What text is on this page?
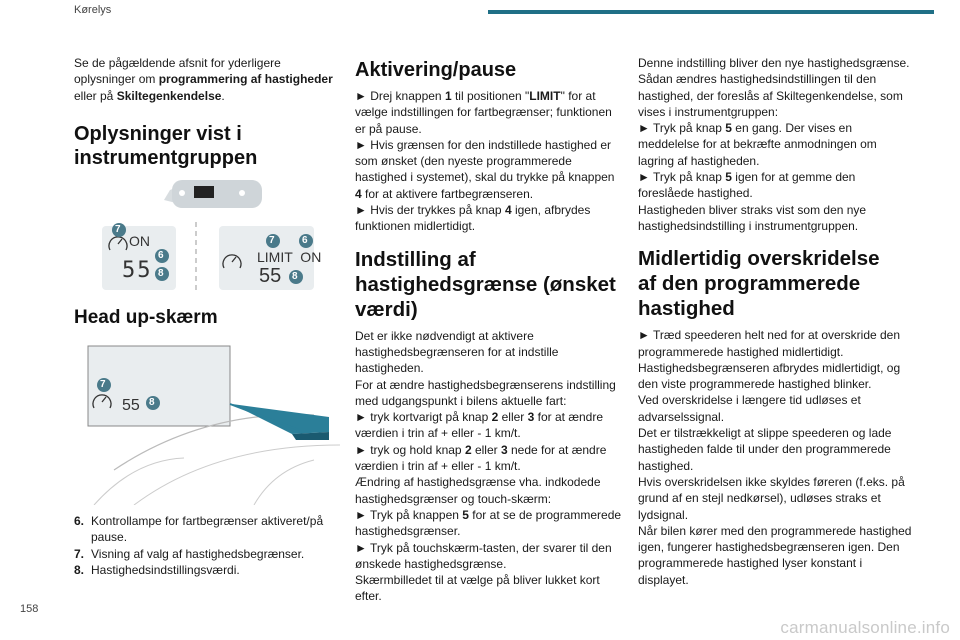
Kørelys

Se de pågældende afsnit for yderligere oplysninger om programmering af hastigheder eller på Skiltegenkendelse.

Oplysninger vist i instrumentgruppen
7
ON
6
55 8
7	6
LIMIT  ON
55 8
Head up-skærm
7
55 8
6. Kontrollampe for fartbegrænser aktiveret/på pause.
7. Visning af valg af hastighedsbegrænser.
8. Hastighedsindstillingsværdi.
Aktivering/pause

► Drej knappen 1 til positionen "LIMIT" for at vælge indstillingen for fartbegrænser; funktionen er på pause.

► Hvis grænsen for den indstillede hastighed er som ønsket (den nyeste programmerede hastighed i systemet), skal du trykke på knappen 4 for at aktivere fartbegrænseren.

► Hvis der trykkes på knap 4 igen, afbrydes funktionen midlertidigt.

Indstilling af hastighedsgrænse (ønsket værdi)

Det er ikke nødvendigt at aktivere hastighedsbegrænseren for at indstille hastigheden.

For at ændre hastighedsbegrænserens indstilling med udgangspunkt i bilens aktuelle fart:

► tryk kortvarigt på knap 2 eller 3 for at ændre værdien i trin af + eller - 1 km/t.

► tryk og hold knap 2 eller 3 nede for at ændre værdien i trin af + eller - 1 km/t.

Ændring af hastighedsgrænse vha. indkodede hastighedsgrænser og touch-skærm:

► Tryk på knappen 5 for at se de programmerede hastighedsgrænser.

► Tryk på touchskærm-tasten, der svarer til den ønskede hastighedsgrænse.

Skærmbilledet til at vælge på bliver lukket kort efter.

Denne indstilling bliver den nye hastighedsgrænse.

Sådan ændres hastighedsindstillingen til den hastighed, der foreslås af Skiltegenkendelse, som vises i instrumentgruppen:

► Tryk på knap 5 en gang. Der vises en meddelelse for at bekræfte anmodningen om lagring af hastigheden.

► Tryk på knap 5 igen for at gemme den foreslåede hastighed.

Hastigheden bliver straks vist som den nye hastighedsindstilling i instrumentgruppen.

Midlertidig overskridelse af den programmerede hastighed

► Træd speederen helt ned for at overskride den programmerede hastighed midlertidigt.

Hastighedsbegrænseren afbrydes midlertidigt, og den viste programmerede hastighed blinker.

Ved overskridelse i længere tid udløses et advarselssignal.

Det er tilstrækkeligt at slippe speederen og lade hastigheden falde til under den programmerede hastighed.

Hvis overskridelsen ikke skyldes føreren (f.eks. på grund af en stejl nedkørsel), udløses straks et lydsignal.

Når bilen kører med den programmerede hastighed igen, fungerer hastighedsbegrænseren igen. Den programmerede hastighed lyser konstant i displayet.

158
carmanualsonline.info
